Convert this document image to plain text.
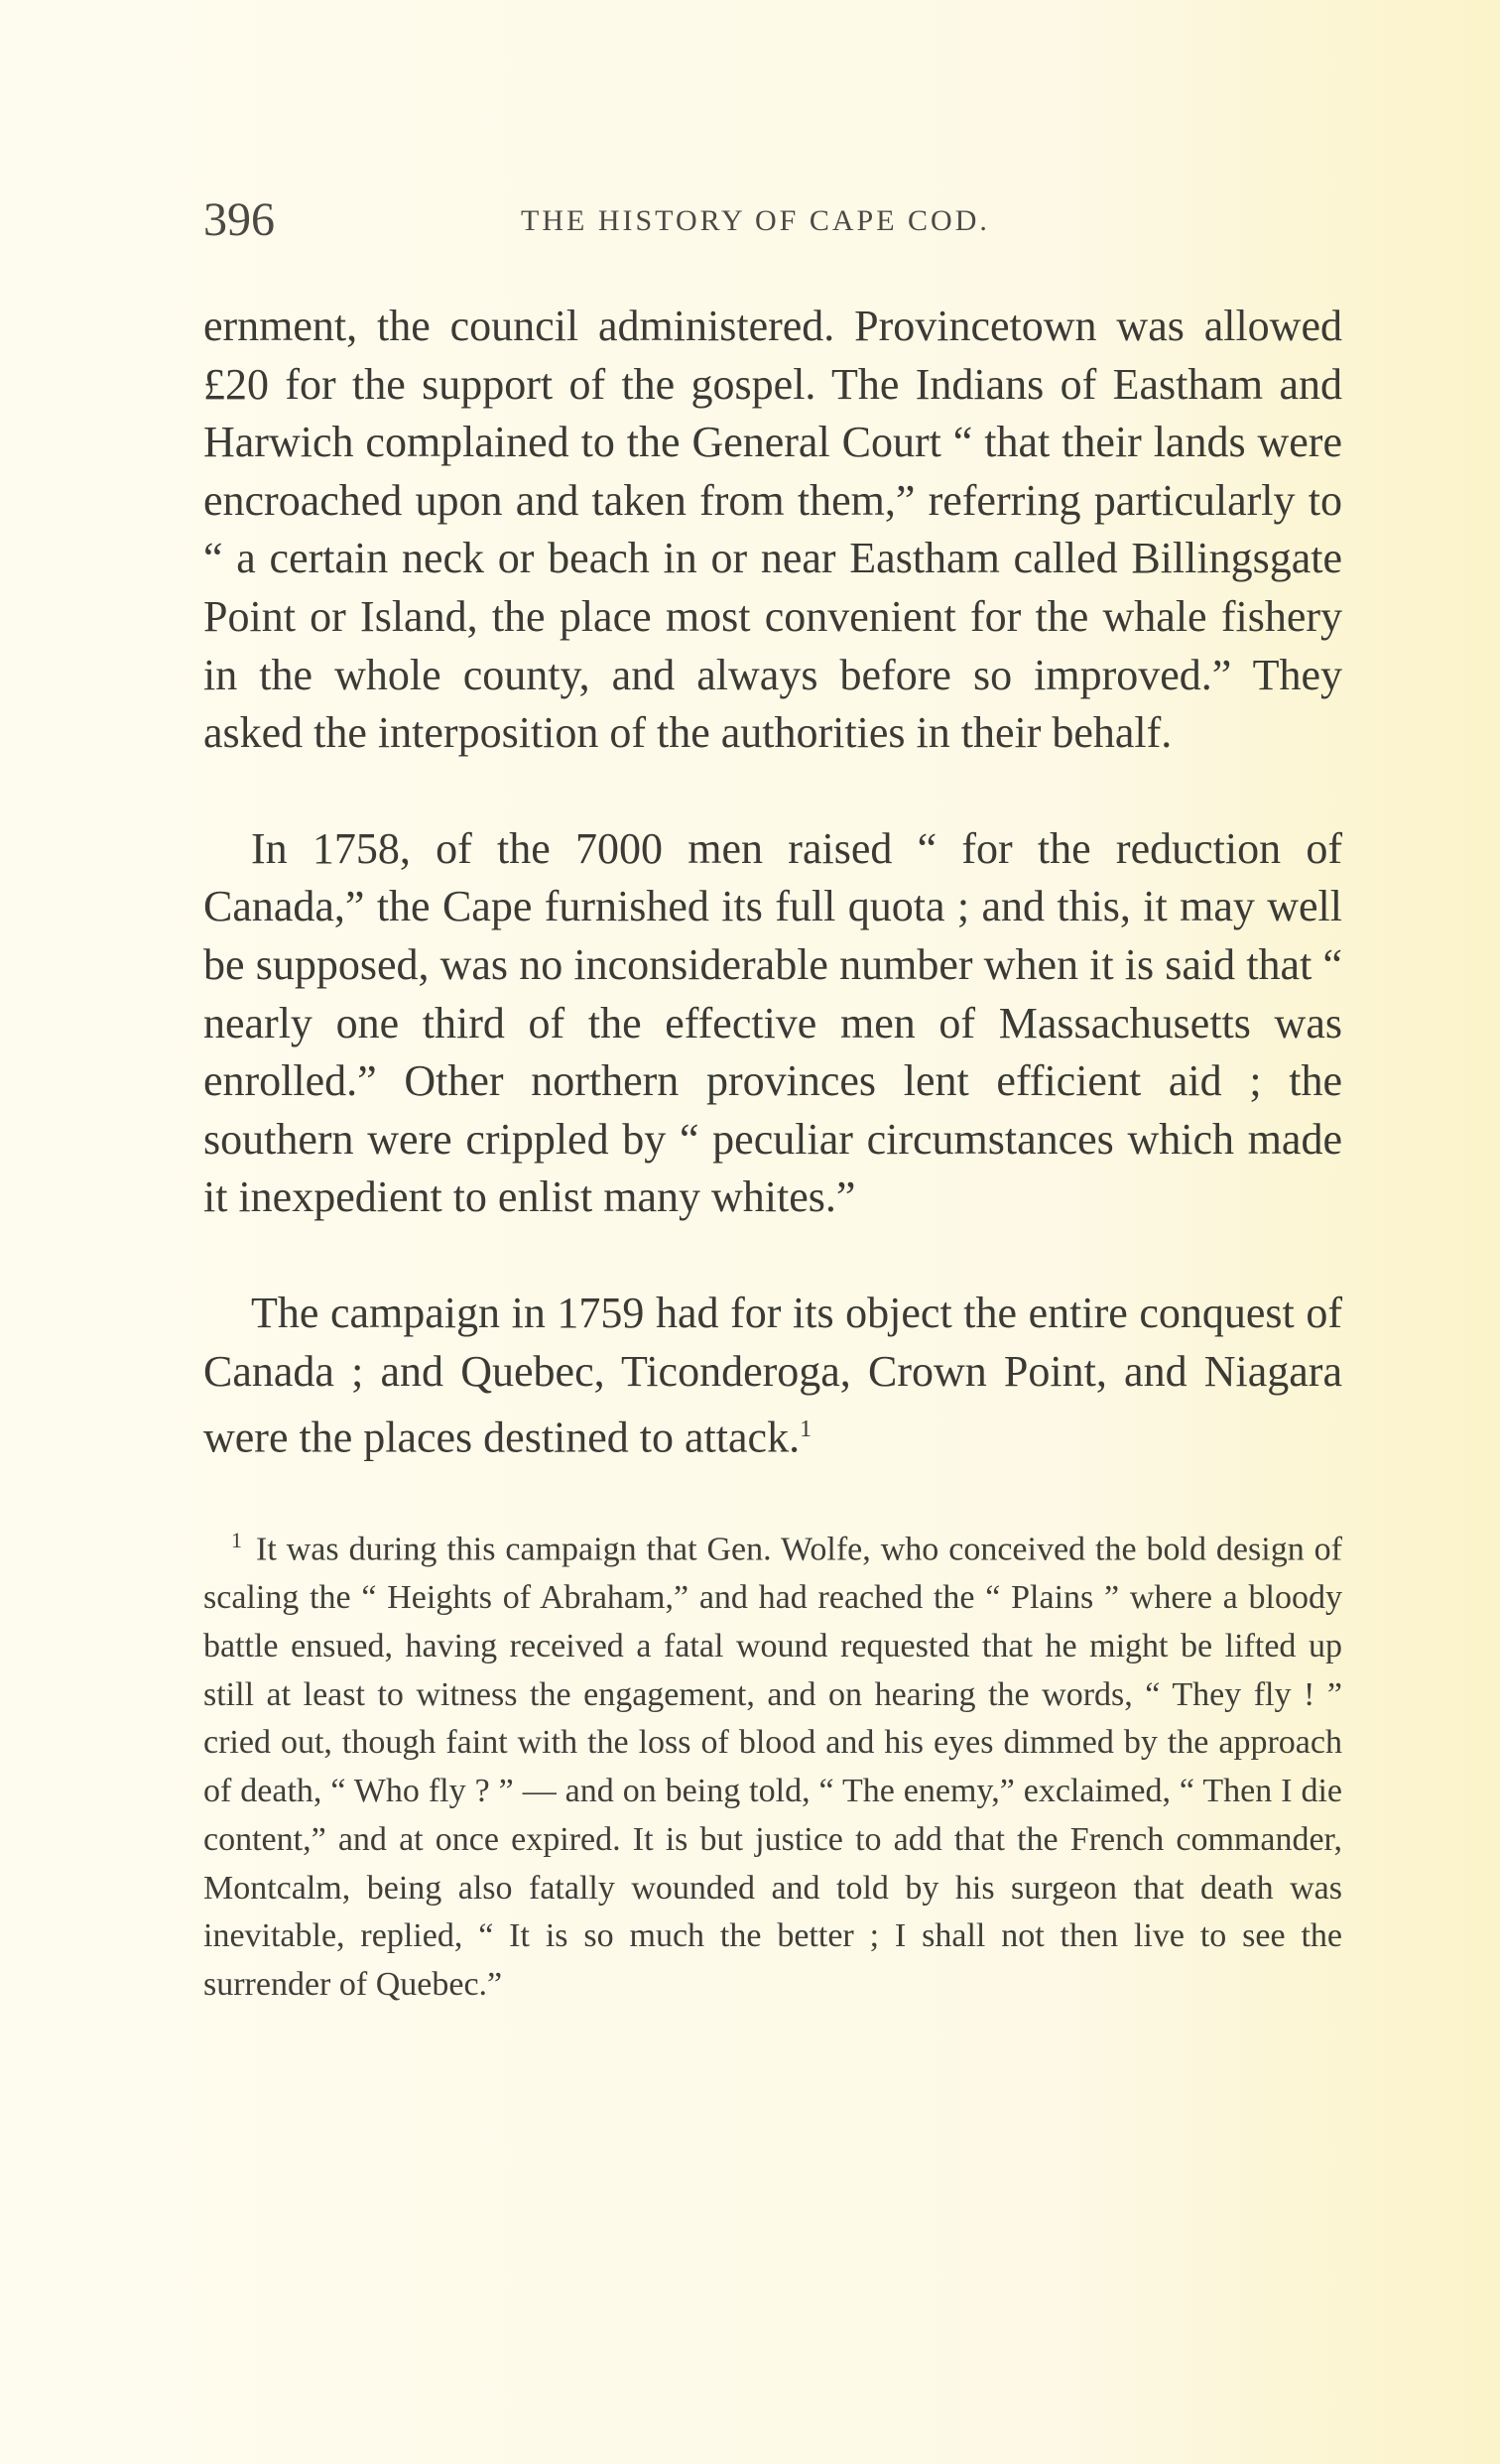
396	THE HISTORY OF CAPE COD.

ernment, the council administered. Provincetown was allowed £20 for the support of the gospel. The Indians of Eastham and Harwich complained to the General Court “ that their lands were encroached upon and taken from them,” referring particularly to “ a certain neck or beach in or near Eastham called Billingsgate Point or Island, the place most convenient for the whale fishery in the whole county, and always before so improved.” They asked the interposition of the authorities in their behalf.

In 1758, of the 7000 men raised “ for the reduction of Canada,” the Cape furnished its full quota ; and this, it may well be supposed, was no inconsiderable number when it is said that “ nearly one third of the effective men of Massachusetts was enrolled.” Other northern provinces lent efficient aid ; the southern were crippled by “ peculiar circumstances which made it inexpedient to enlist many whites.”

The campaign in 1759 had for its object the entire conquest of Canada ; and Quebec, Ticonderoga, Crown Point, and Niagara were the places destined to attack.$^1$

$^1$ It was during this campaign that Gen. Wolfe, who conceived the bold design of scaling the “ Heights of Abraham,” and had reached the “ Plains ” where a bloody battle ensued, having received a fatal wound requested that he might be lifted up still at least to witness the engagement, and on hearing the words, “ They fly ! ” cried out, though faint with the loss of blood and his eyes dimmed by the approach of death, “ Who fly ? ” — and on being told, “ The enemy,” exclaimed, “ Then I die content,” and at once expired. It is but justice to add that the French commander, Montcalm, being also fatally wounded and told by his surgeon that death was inevitable, replied, “ It is so much the better ; I shall not then live to see the surrender of Quebec.”
